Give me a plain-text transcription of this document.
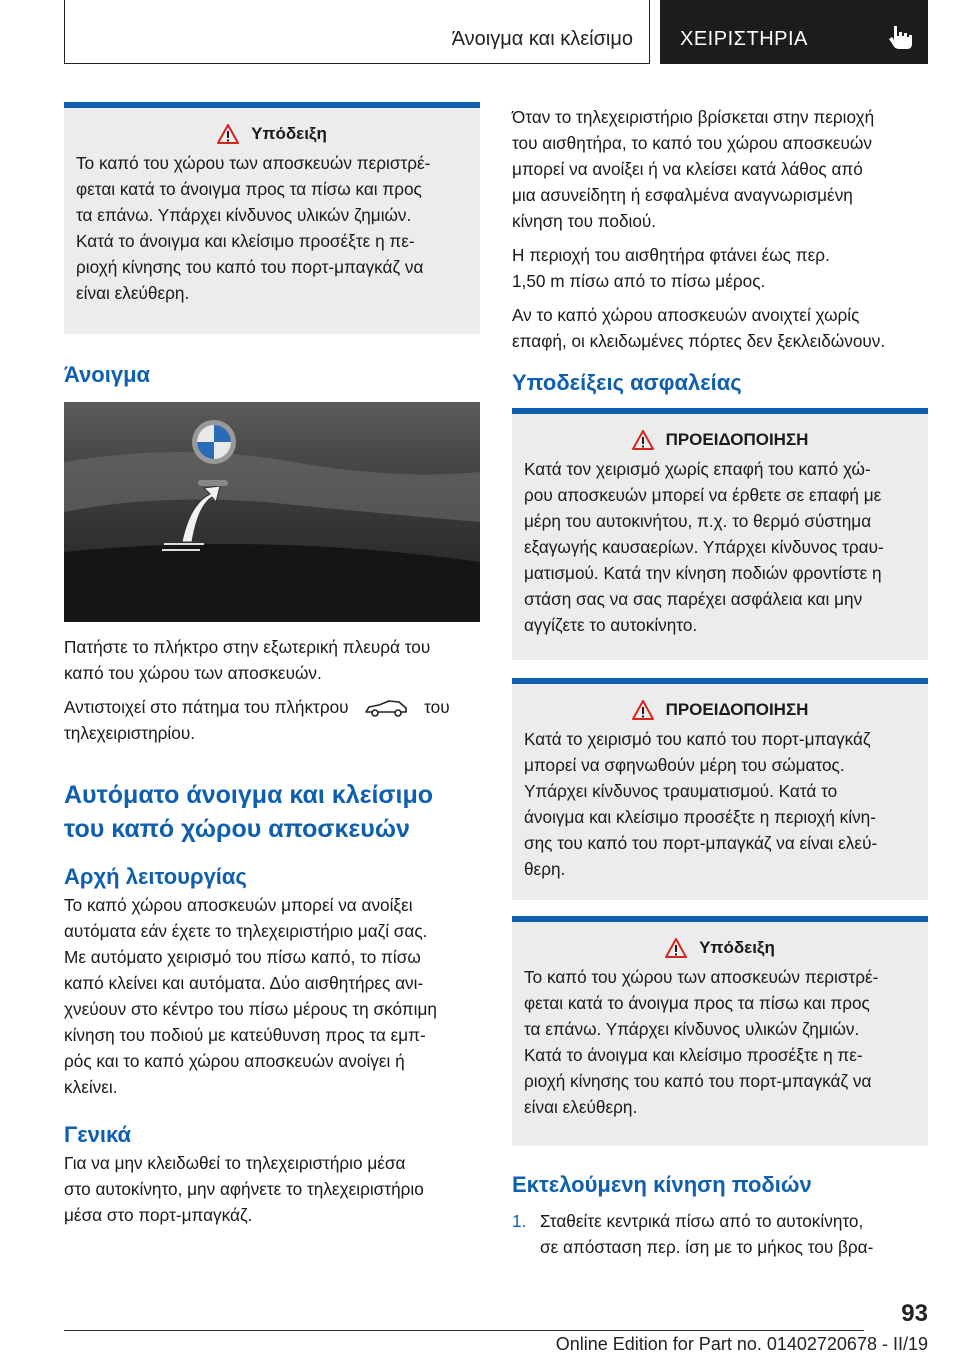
Άνοιγμα και κλείσιμο ΧΕΙΡΙΣΤΗΡΙΑ
Υπόδειξη

Το καπό του χώρου των αποσκευών περιστρέ-

φεται κατά το άνοιγμα προς τα πίσω και προς

τα επάνω. Υπάρχει κίνδυνος υλικών ζημιών.

Κατά το άνοιγμα και κλείσιμο προσέξτε η πε-

ριοχή κίνησης του καπό του πορτ-μπαγκάζ να

είναι ελεύθερη.

Άνοιγμα

Πατήστε το πλήκτρο στην εξωτερική πλευρά του

καπό του χώρου των αποσκευών.

Αντιστοιχεί στο πάτημα του πλήκτρου	του

τηλεχειριστηρίου.

Αυτόματο άνοιγμα και κλείσιμο
του καπό χώρου αποσκευών
Αρχή λειτουργίας

Το καπό χώρου αποσκευών μπορεί να ανοίξει

αυτόματα εάν έχετε το τηλεχειριστήριο μαζί σας.

Με αυτόματο χειρισμό του πίσω καπό, το πίσω

καπό κλείνει και αυτόματα. Δύο αισθητήρες ανι-

χνεύουν στο κέντρο του πίσω μέρους τη σκόπιμη

κίνηση του ποδιού με κατεύθυνση προς τα εμπ-

ρός και το καπό χώρου αποσκευών ανοίγει ή

κλείνει.

Γενικά

Για να μην κλειδωθεί το τηλεχειριστήριο μέσα

στο αυτοκίνητο, μην αφήνετε το τηλεχειριστήριο

μέσα στο πορτ-μπαγκάζ.

Όταν το τηλεχειριστήριο βρίσκεται στην περιοχή

του αισθητήρα, το καπό του χώρου αποσκευών

μπορεί να ανοίξει ή να κλείσει κατά λάθος από

μια ασυνείδητη ή εσφαλμένα αναγνωρισμένη

κίνηση του ποδιού.

Η περιοχή του αισθητήρα φτάνει έως περ.

1,50 m πίσω από το πίσω μέρος.

Αν το καπό χώρου αποσκευών ανοιχτεί χωρίς

επαφή, οι κλειδωμένες πόρτες δεν ξεκλειδώνουν.

Υποδείξεις ασφαλείας
ΠΡΟΕΙΔΟΠΟΙΗΣΗ

Κατά τον χειρισμό χωρίς επαφή του καπό χώ-

ρου αποσκευών μπορεί να έρθετε σε επαφή με

μέρη του αυτοκινήτου, π.χ. το θερμό σύστημα

εξαγωγής καυσαερίων. Υπάρχει κίνδυνος τραυ-

ματισμού. Κατά την κίνηση ποδιών φροντίστε η

στάση σας να σας παρέχει ασφάλεια και μην

αγγίζετε το αυτοκίνητο.

ΠΡΟΕΙΔΟΠΟΙΗΣΗ

Κατά το χειρισμό του καπό του πορτ-μπαγκάζ

μπορεί να σφηνωθούν μέρη του σώματος.

Υπάρχει κίνδυνος τραυματισμού. Κατά το

άνοιγμα και κλείσιμο προσέξτε η περιοχή κίνη-

σης του καπό του πορτ-μπαγκάζ να είναι ελεύ-

θερη.

Υπόδειξη

Το καπό του χώρου των αποσκευών περιστρέ-

φεται κατά το άνοιγμα προς τα πίσω και προς

τα επάνω. Υπάρχει κίνδυνος υλικών ζημιών.

Κατά το άνοιγμα και κλείσιμο προσέξτε η πε-

ριοχή κίνησης του καπό του πορτ-μπαγκάζ να

είναι ελεύθερη.

Εκτελούμενη κίνηση ποδιών

1. Σταθείτε κεντρικά πίσω από το αυτοκίνητο,

σε απόσταση περ. ίση με το μήκος του βρα-

93
Online Edition for Part no. 01402720678 - II/19
